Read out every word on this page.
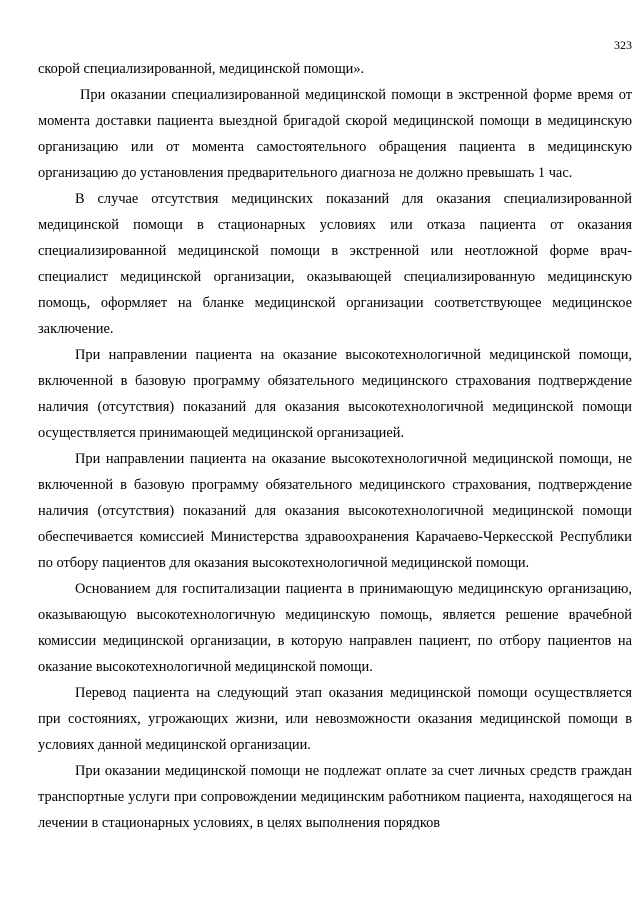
323

скорой специализированной, медицинской помощи».

При оказании специализированной медицинской помощи в экстренной форме время от момента доставки пациента выездной бригадой скорой медицинской помощи в медицинскую организацию или от момента самостоятельного обращения пациента в медицинскую организацию до установления предварительного диагноза не должно превышать 1 час.

В случае отсутствия медицинских показаний для оказания специализированной медицинской помощи в стационарных условиях или отказа пациента от оказания специализированной медицинской помощи в экстренной или неотложной форме врач-специалист медицинской организации, оказывающей специализированную медицинскую помощь, оформляет на бланке медицинской организации соответствующее медицинское заключение.

При направлении пациента на оказание высокотехнологичной медицинской помощи, включенной в базовую программу обязательного медицинского страхования подтверждение наличия (отсутствия) показаний для оказания высокотехнологичной медицинской помощи осуществляется принимающей медицинской организацией.

При направлении пациента на оказание высокотехнологичной медицинской помощи, не включенной в базовую программу обязательного медицинского страхования, подтверждение наличия (отсутствия) показаний для оказания высокотехнологичной медицинской помощи обеспечивается комиссией Министерства здравоохранения Карачаево-Черкесской Республики по отбору пациентов для оказания высокотехнологичной медицинской помощи.

Основанием для госпитализации пациента в принимающую медицинскую организацию, оказывающую высокотехнологичную медицинскую помощь, является решение врачебной комиссии медицинской организации, в которую направлен пациент, по отбору пациентов на оказание высокотехнологичной медицинской помощи.

Перевод пациента на следующий этап оказания медицинской помощи осуществляется при состояниях, угрожающих жизни, или невозможности оказания медицинской помощи в условиях данной медицинской организации.

При оказании медицинской помощи не подлежат оплате за счет личных средств граждан транспортные услуги при сопровождении медицинским работником пациента, находящегося на лечении в стационарных условиях, в целях выполнения порядков
